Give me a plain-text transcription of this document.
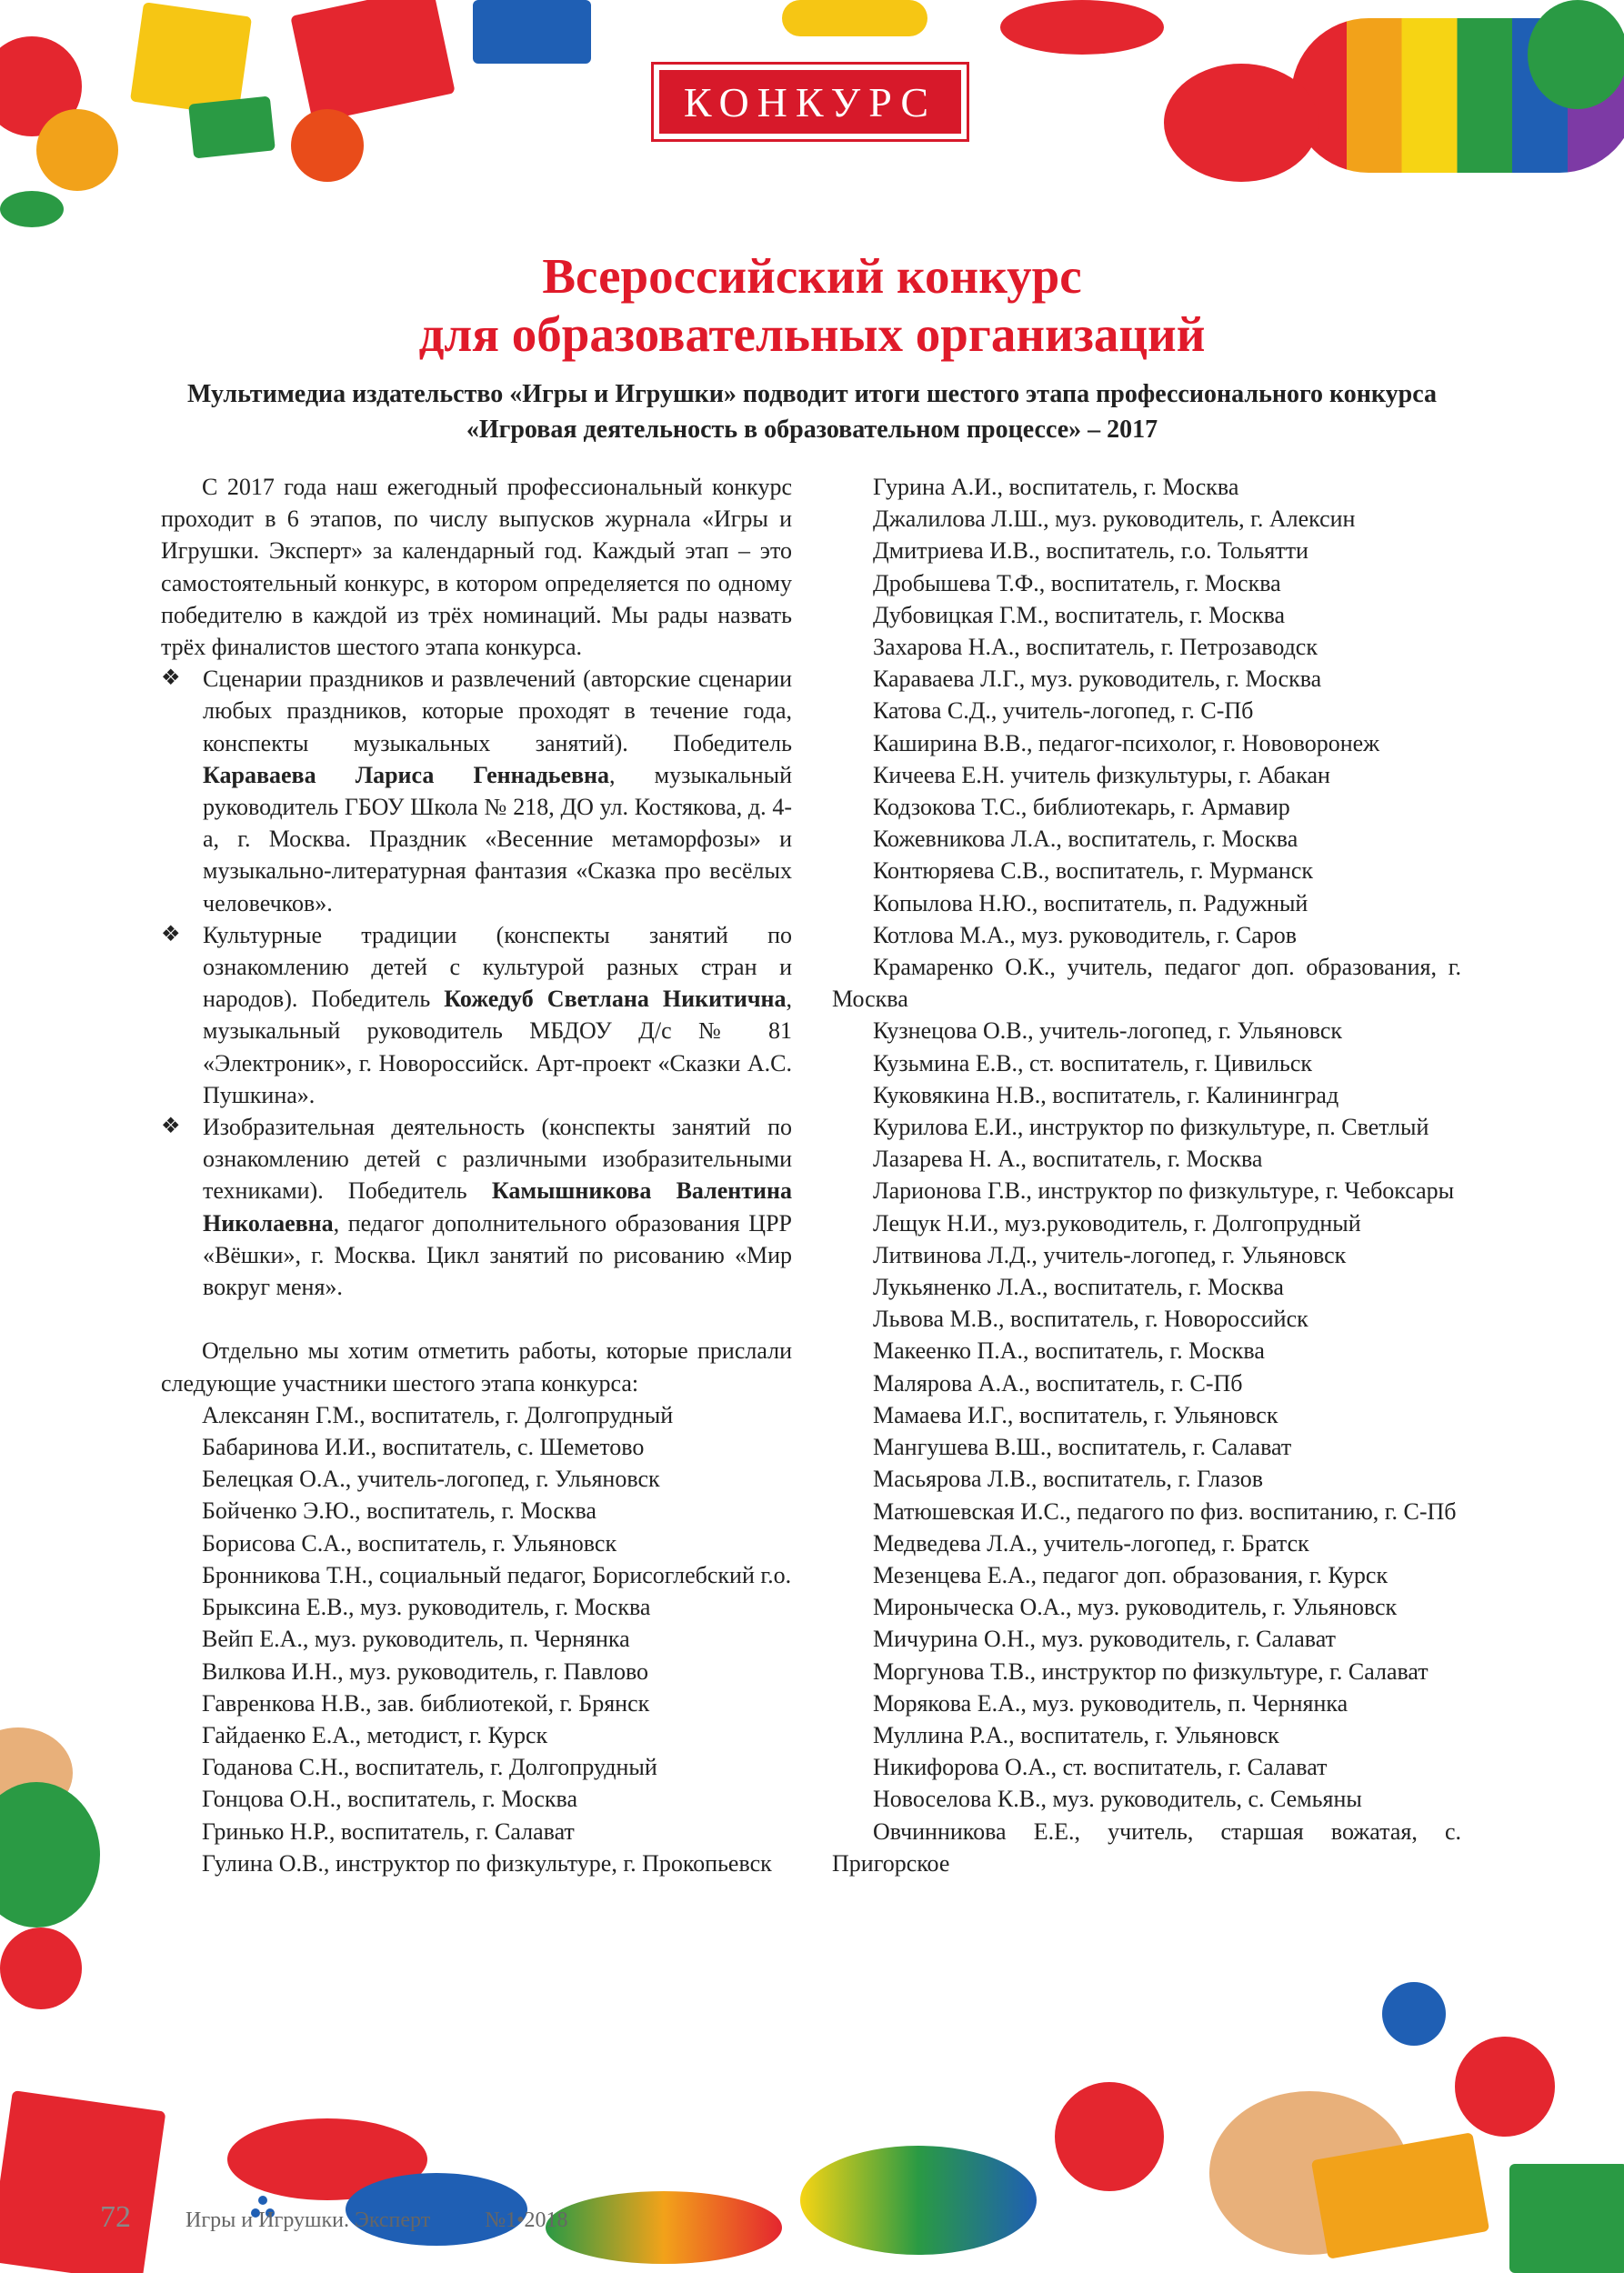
КОНКУРС
Всероссийский конкурс
для образовательных организаций
Мультимедиа издательство «Игры и Игрушки» подводит итоги шестого этапа профессионального конкурса «Игровая деятельность в образовательном процессе» – 2017

С 2017 года наш ежегодный профессиональный конкурс проходит в 6 этапов, по числу выпусков журнала «Игры и Игрушки. Эксперт» за календарный год. Каждый этап – это самостоятельный конкурс, в котором определяется по одному победителю в каждой из трёх номинаций. Мы рады назвать трёх финалистов шестого этапа конкурса.

❖ Сценарии праздников и развлечений (авторские сценарии любых праздников, которые проходят в течение года, конспекты музыкальных занятий). Победитель Караваева Лариса Геннадьевна, музыкальный руководитель ГБОУ Школа № 218, ДО ул. Костякова, д. 4-а, г. Москва. Праздник «Весенние метаморфозы» и музыкально-литературная фантазия «Сказка про весёлых человечков».
❖ Культурные традиции (конспекты занятий по ознакомлению детей с культурой разных стран и народов). Победитель Кожедуб Светлана Никитична, музыкальный руководитель МБДОУ Д/с № 81 «Электроник», г. Новороссийск. Арт-проект «Сказки А.С. Пушкина».
❖ Изобразительная деятельность (конспекты занятий по ознакомлению детей с различными изобразительными техниками). Победитель Камышникова Валентина Николаевна, педагог дополнительного образования ЦРР «Вёшки», г. Москва. Цикл занятий по рисованию «Мир вокруг меня».

Отдельно мы хотим отметить работы, которые прислали следующие участники шестого этапа конкурса:

Алексанян Г.М., воспитатель, г. Долгопрудный
Бабаринова И.И., воспитатель, с. Шеметово
Белецкая О.А., учитель-логопед, г. Ульяновск
Бойченко Э.Ю., воспитатель, г. Москва
Борисова С.А., воспитатель, г. Ульяновск
Бронникова Т.Н., социальный педагог, Борисоглебский г.о.
Брыксина Е.В., муз. руководитель, г. Москва
Вейп Е.А., муз. руководитель, п. Чернянка
Вилкова И.Н., муз. руководитель, г. Павлово
Гавренкова Н.В., зав. библиотекой, г. Брянск
Гайдаенко Е.А., методист, г. Курск
Годанова С.Н., воспитатель, г. Долгопрудный
Гонцова О.Н., воспитатель, г. Москва
Гринько Н.Р., воспитатель, г. Салават
Гулина О.В., инструктор по физкультуре, г. Прокопьевск
Гурина А.И., воспитатель, г. Москва
Джалилова Л.Ш., муз. руководитель, г. Алексин
Дмитриева И.В., воспитатель, г.о. Тольятти
Дробышева Т.Ф., воспитатель, г. Москва
Дубовицкая Г.М., воспитатель, г. Москва
Захарова Н.А., воспитатель, г. Петрозаводск
Караваева Л.Г., муз. руководитель, г. Москва
Катова С.Д., учитель-логопед, г. С-Пб
Каширина В.В., педагог-психолог, г. Нововоронеж
Кичеева Е.Н. учитель физкультуры, г. Абакан
Кодзокова Т.С., библиотекарь, г. Армавир
Кожевникова Л.А., воспитатель, г. Москва
Контюряева С.В., воспитатель, г. Мурманск
Копылова Н.Ю., воспитатель, п. Радужный
Котлова М.А., муз. руководитель, г. Саров
Крамаренко О.К., учитель, педагог доп. образования, г. Москва
Кузнецова О.В., учитель-логопед, г. Ульяновск
Кузьмина Е.В., ст. воспитатель, г. Цивильск
Куковякина Н.В., воспитатель, г. Калининград
Курилова Е.И., инструктор по физкультуре, п. Светлый
Лазарева Н. А., воспитатель, г. Москва
Ларионова Г.В., инструктор по физкультуре, г. Чебоксары
Лещук Н.И., муз.руководитель, г. Долгопрудный
Литвинова Л.Д., учитель-логопед, г. Ульяновск
Лукьяненко Л.А., воспитатель, г. Москва
Львова М.В., воспитатель, г. Новороссийск
Макеенко П.А., воспитатель, г. Москва
Малярова А.А., воспитатель, г. С-Пб
Мамаева И.Г., воспитатель, г. Ульяновск
Мангушева В.Ш., воспитатель, г. Салават
Масьярова Л.В., воспитатель, г. Глазов
Матюшевская И.С., педагого по физ. воспитанию, г. С-Пб
Медведева Л.А., учитель-логопед, г. Братск
Мезенцева Е.А., педагог доп. образования, г. Курск
Мироныческа О.А., муз. руководитель, г. Ульяновск
Мичурина О.Н., муз. руководитель, г. Салават
Моргунова Т.В., инструктор по физкультуре, г. Салават
Морякова Е.А., муз. руководитель, п. Чернянка
Муллина Р.А., воспитатель, г. Ульяновск
Никифорова О.А., ст. воспитатель, г. Салават
Новоселова К.В., муз. руководитель, с. Семьяны
Овчинникова Е.Е., учитель, старшая вожатая, с. Пригорское
72	Игры и Игрушки. Эксперт	№1•2018
